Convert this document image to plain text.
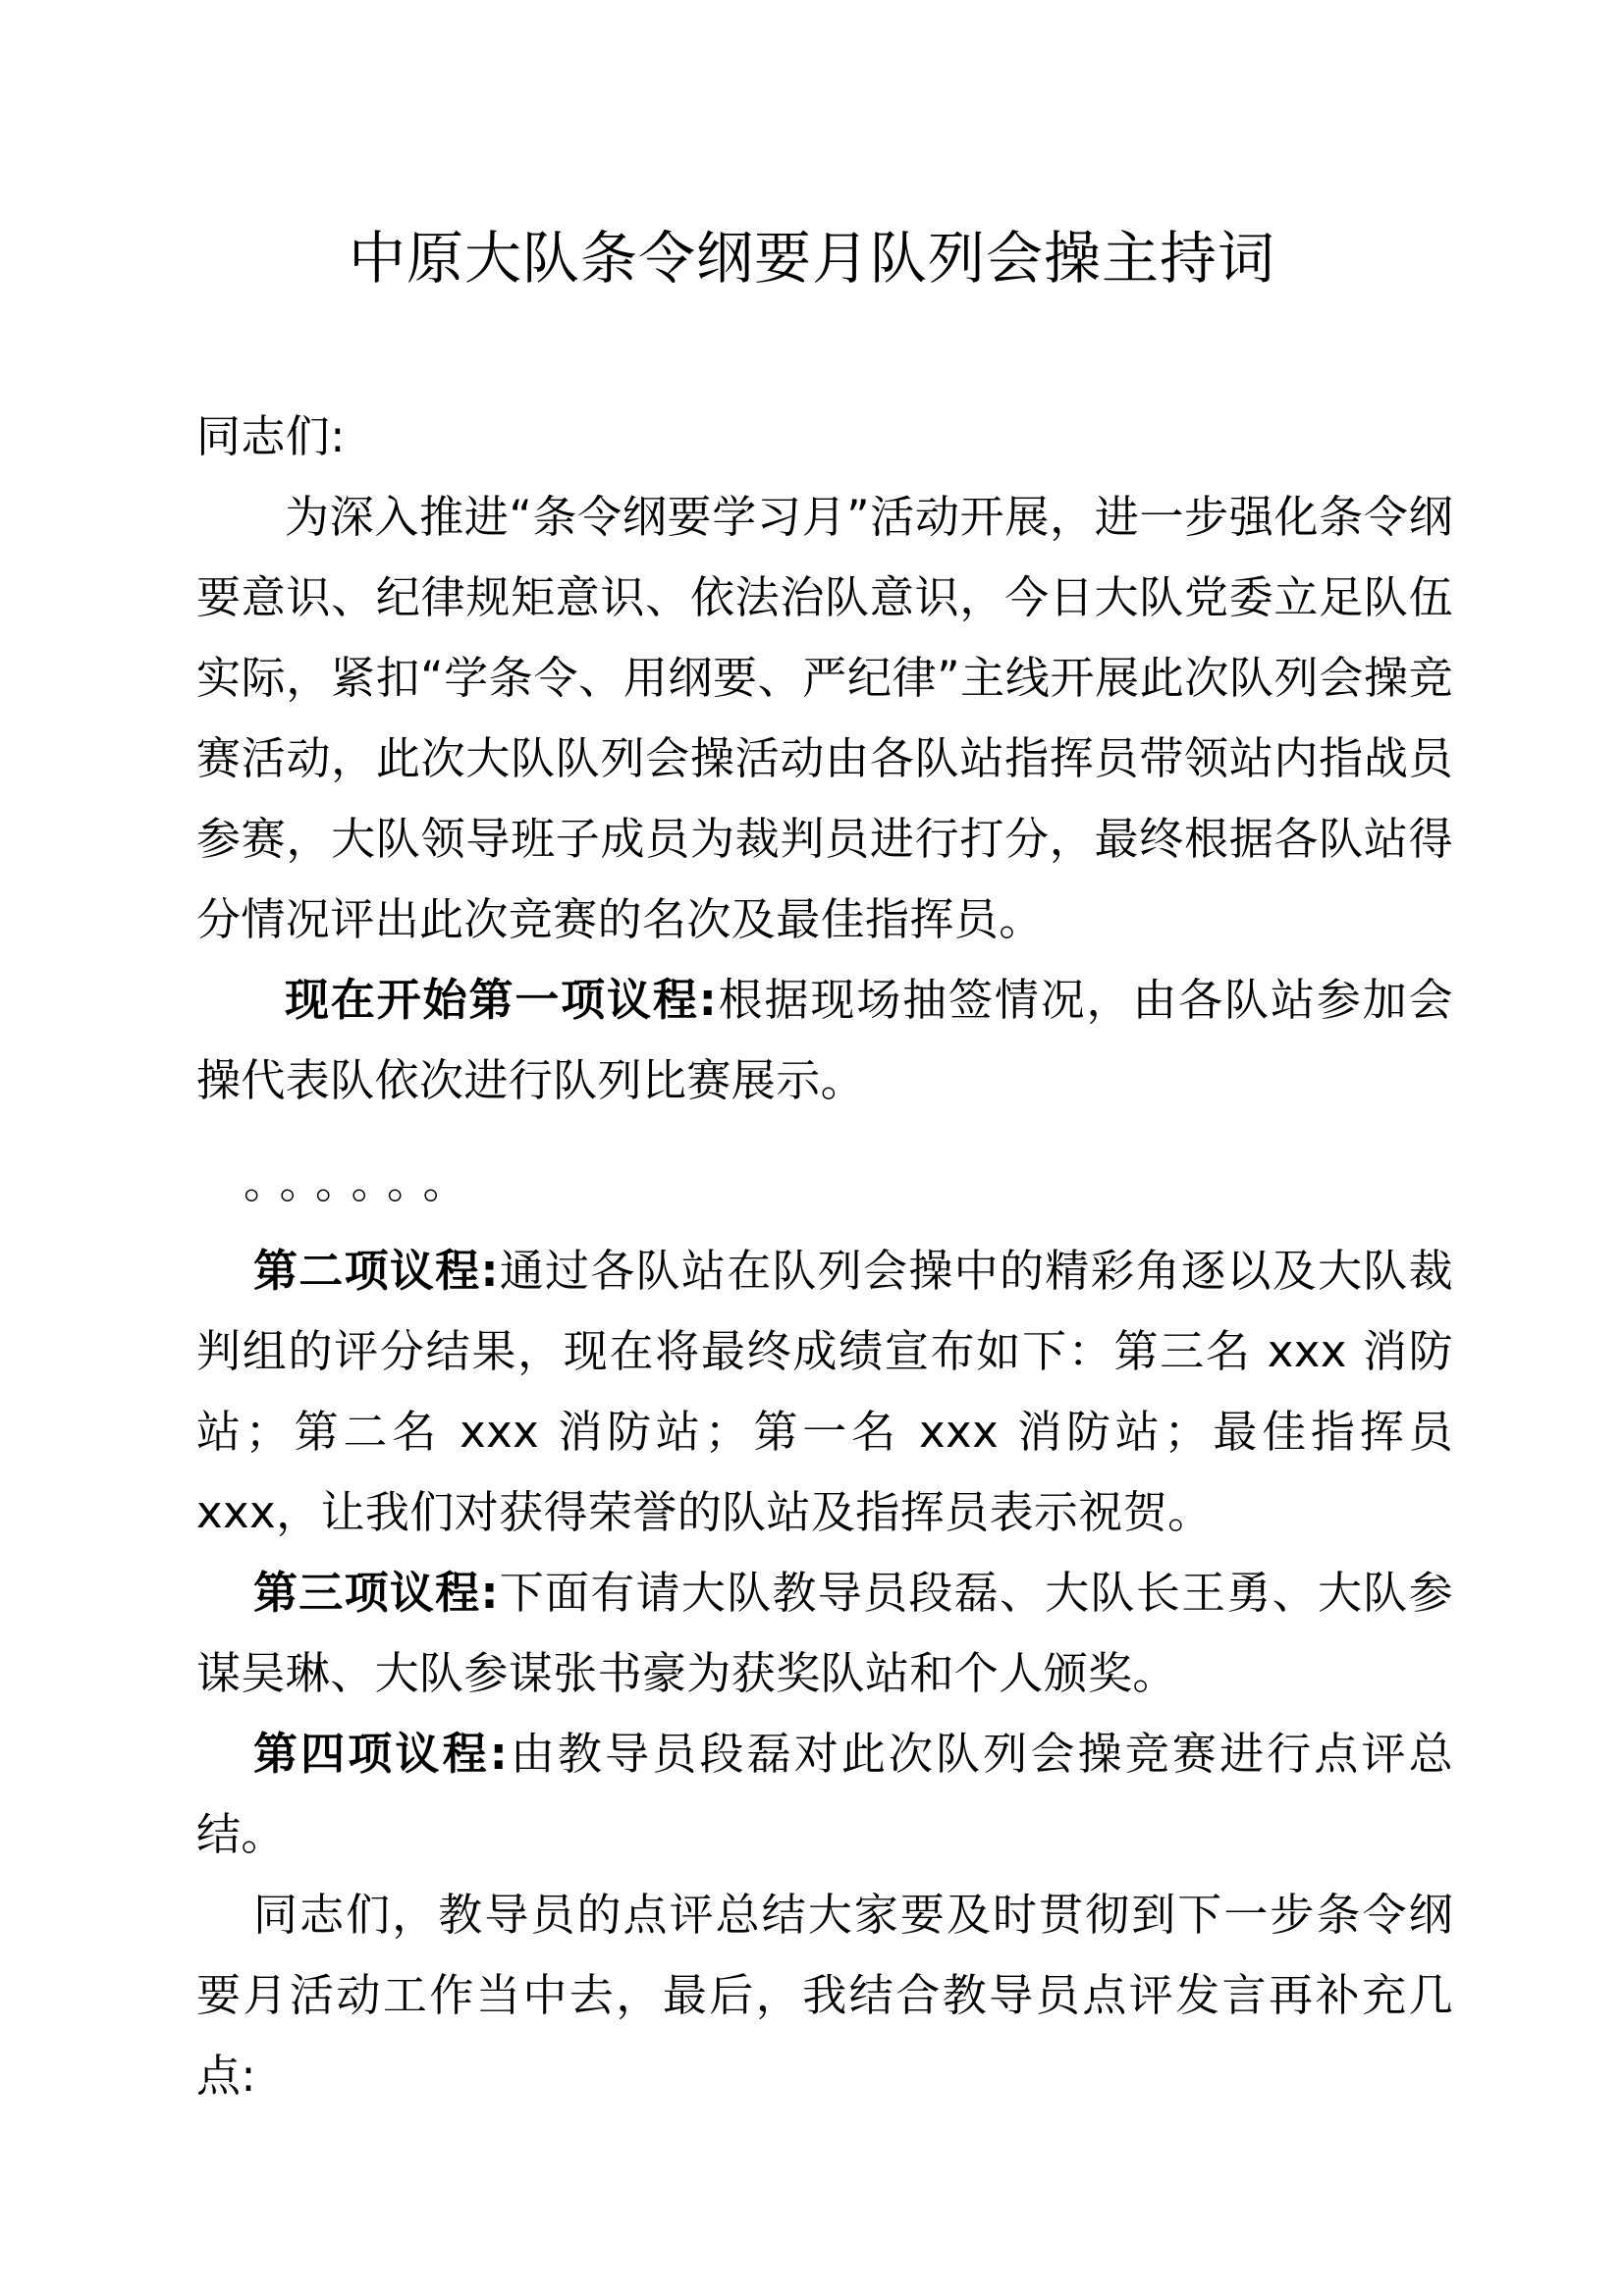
中原大队条令纲要月队列会操主持词

同志们:

为深入推进“条令纲要学习月”活动开展，进一步强化条令纲要意识、纪律规矩意识、依法治队意识，今日大队党委立足队伍实际，紧扣“学条令、用纲要、严纪律”主线开展此次队列会操竞赛活动，此次大队队列会操活动由各队站指挥员带领站内指战员参赛，大队领导班子成员为裁判员进行打分，最终根据各队站得分情况评出此次竞赛的名次及最佳指挥员。

现在开始第一项议程:根据现场抽签情况，由各队站参加会操代表队依次进行队列比赛展示。

。。。。。。

第二项议程:通过各队站在队列会操中的精彩角逐以及大队裁判组的评分结果，现在将最终成绩宣布如下：第三名 xxx 消防站；第二名 xxx 消防站；第一名 xxx 消防站；最佳指挥员 xxx，让我们对获得荣誉的队站及指挥员表示祝贺。

第三项议程:下面有请大队教导员段磊、大队长王勇、大队参谋吴琳、大队参谋张书豪为获奖队站和个人颁奖。

第四项议程:由教导员段磊对此次队列会操竞赛进行点评总结。

同志们，教导员的点评总结大家要及时贯彻到下一步条令纲要月活动工作当中去，最后，我结合教导员点评发言再补充几点:
